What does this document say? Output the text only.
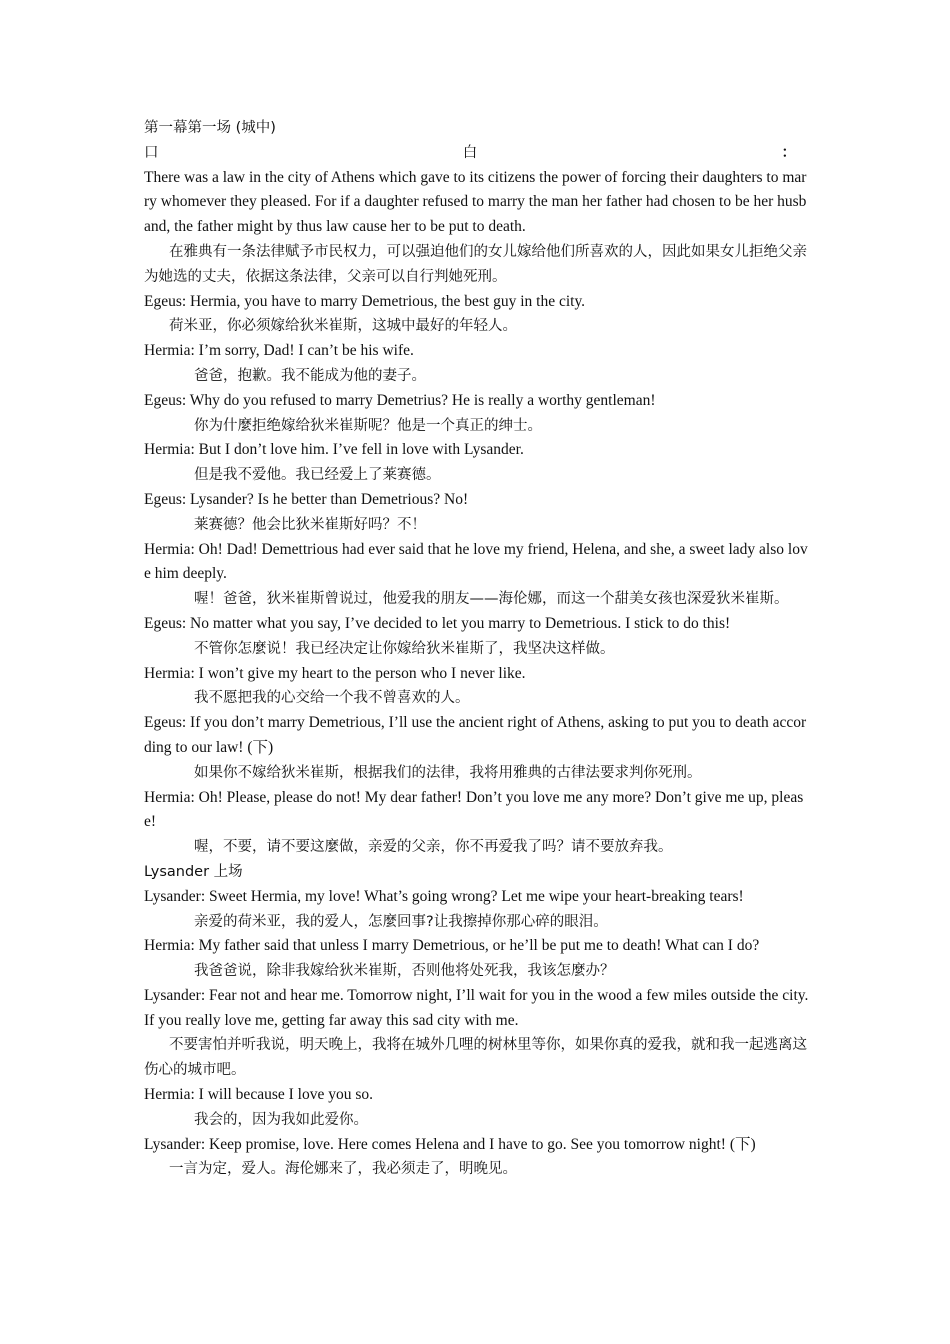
第一幕第一场 (城中)

口	白	：

There was a law in the city of Athens which gave to its citizens the power of forcing their daughters to marry whomever they pleased. For if a daughter refused to marry the man her father had chosen to be her husband, the father might by thus law cause her to be put to death.

在雅典有一条法律赋予市民权力，可以强迫他们的女儿嫁给他们所喜欢的人，因此如果女儿拒绝父亲为她选的丈夫，依据这条法律，父亲可以自行判她死刑。

Egeus: Hermia, you have to marry Demetrious, the best guy in the city.

荷米亚，你必须嫁给狄米崔斯，这城中最好的年轻人。

Hermia: I’m sorry, Dad! I can’t be his wife.

爸爸，抱歉。我不能成为他的妻子。

Egeus: Why do you refused to marry Demetrius? He is really a worthy gentleman!

你为什麼拒绝嫁给狄米崔斯呢？他是一个真正的绅士。

Hermia: But I don’t love him. I’ve fell in love with Lysander.

但是我不爱他。我已经爱上了莱赛德。

Egeus: Lysander? Is he better than Demetrious? No!

莱赛德？他会比狄米崔斯好吗？不！

Hermia: Oh! Dad! Demettrious had ever said that he love my friend, Helena, and she, a sweet lady also love him deeply.

喔！爸爸，狄米崔斯曾说过，他爱我的朋友——海伦娜，而这一个甜美女孩也深爱狄米崔斯。

Egeus: No matter what you say, I’ve decided to let you marry to Demetrious. I stick to do this!

不管你怎麼说！我已经决定让你嫁给狄米崔斯了，我坚决这样做。

Hermia: I won’t give my heart to the person who I never like.

我不愿把我的心交给一个我不曾喜欢的人。

Egeus: If you don’t marry Demetrious, I’ll use the ancient right of Athens, asking to put you to death according to our law! (下)

如果你不嫁给狄米崔斯，根据我们的法律，我将用雅典的古律法要求判你死刑。

Hermia: Oh! Please, please do not! My dear father! Don’t you love me any more? Don’t give me up, please!

喔，不要，请不要这麼做，亲爱的父亲，你不再爱我了吗？请不要放弃我。

Lysander 上场

Lysander: Sweet Hermia, my love! What’s going wrong? Let me wipe your heart-breaking tears!

亲爱的荷米亚，我的爱人，怎麼回事?让我擦掉你那心碎的眼泪。

Hermia: My father said that unless I marry Demetrious, or he’ll be put me to death! What can I do?

我爸爸说，除非我嫁给狄米崔斯，否则他将处死我，我该怎麼办？

Lysander: Fear not and hear me. Tomorrow night, I’ll wait for you in the wood a few miles outside the city. If you really love me, getting far away this sad city with me.

不要害怕并听我说，明天晚上，我将在城外几哩的树林里等你，如果你真的爱我，就和我一起逃离这伤心的城市吧。

Hermia: I will because I love you so.

我会的，因为我如此爱你。

Lysander: Keep promise, love. Here comes Helena and I have to go. See you tomorrow night! (下)

一言为定，爱人。海伦娜来了，我必须走了，明晚见。
